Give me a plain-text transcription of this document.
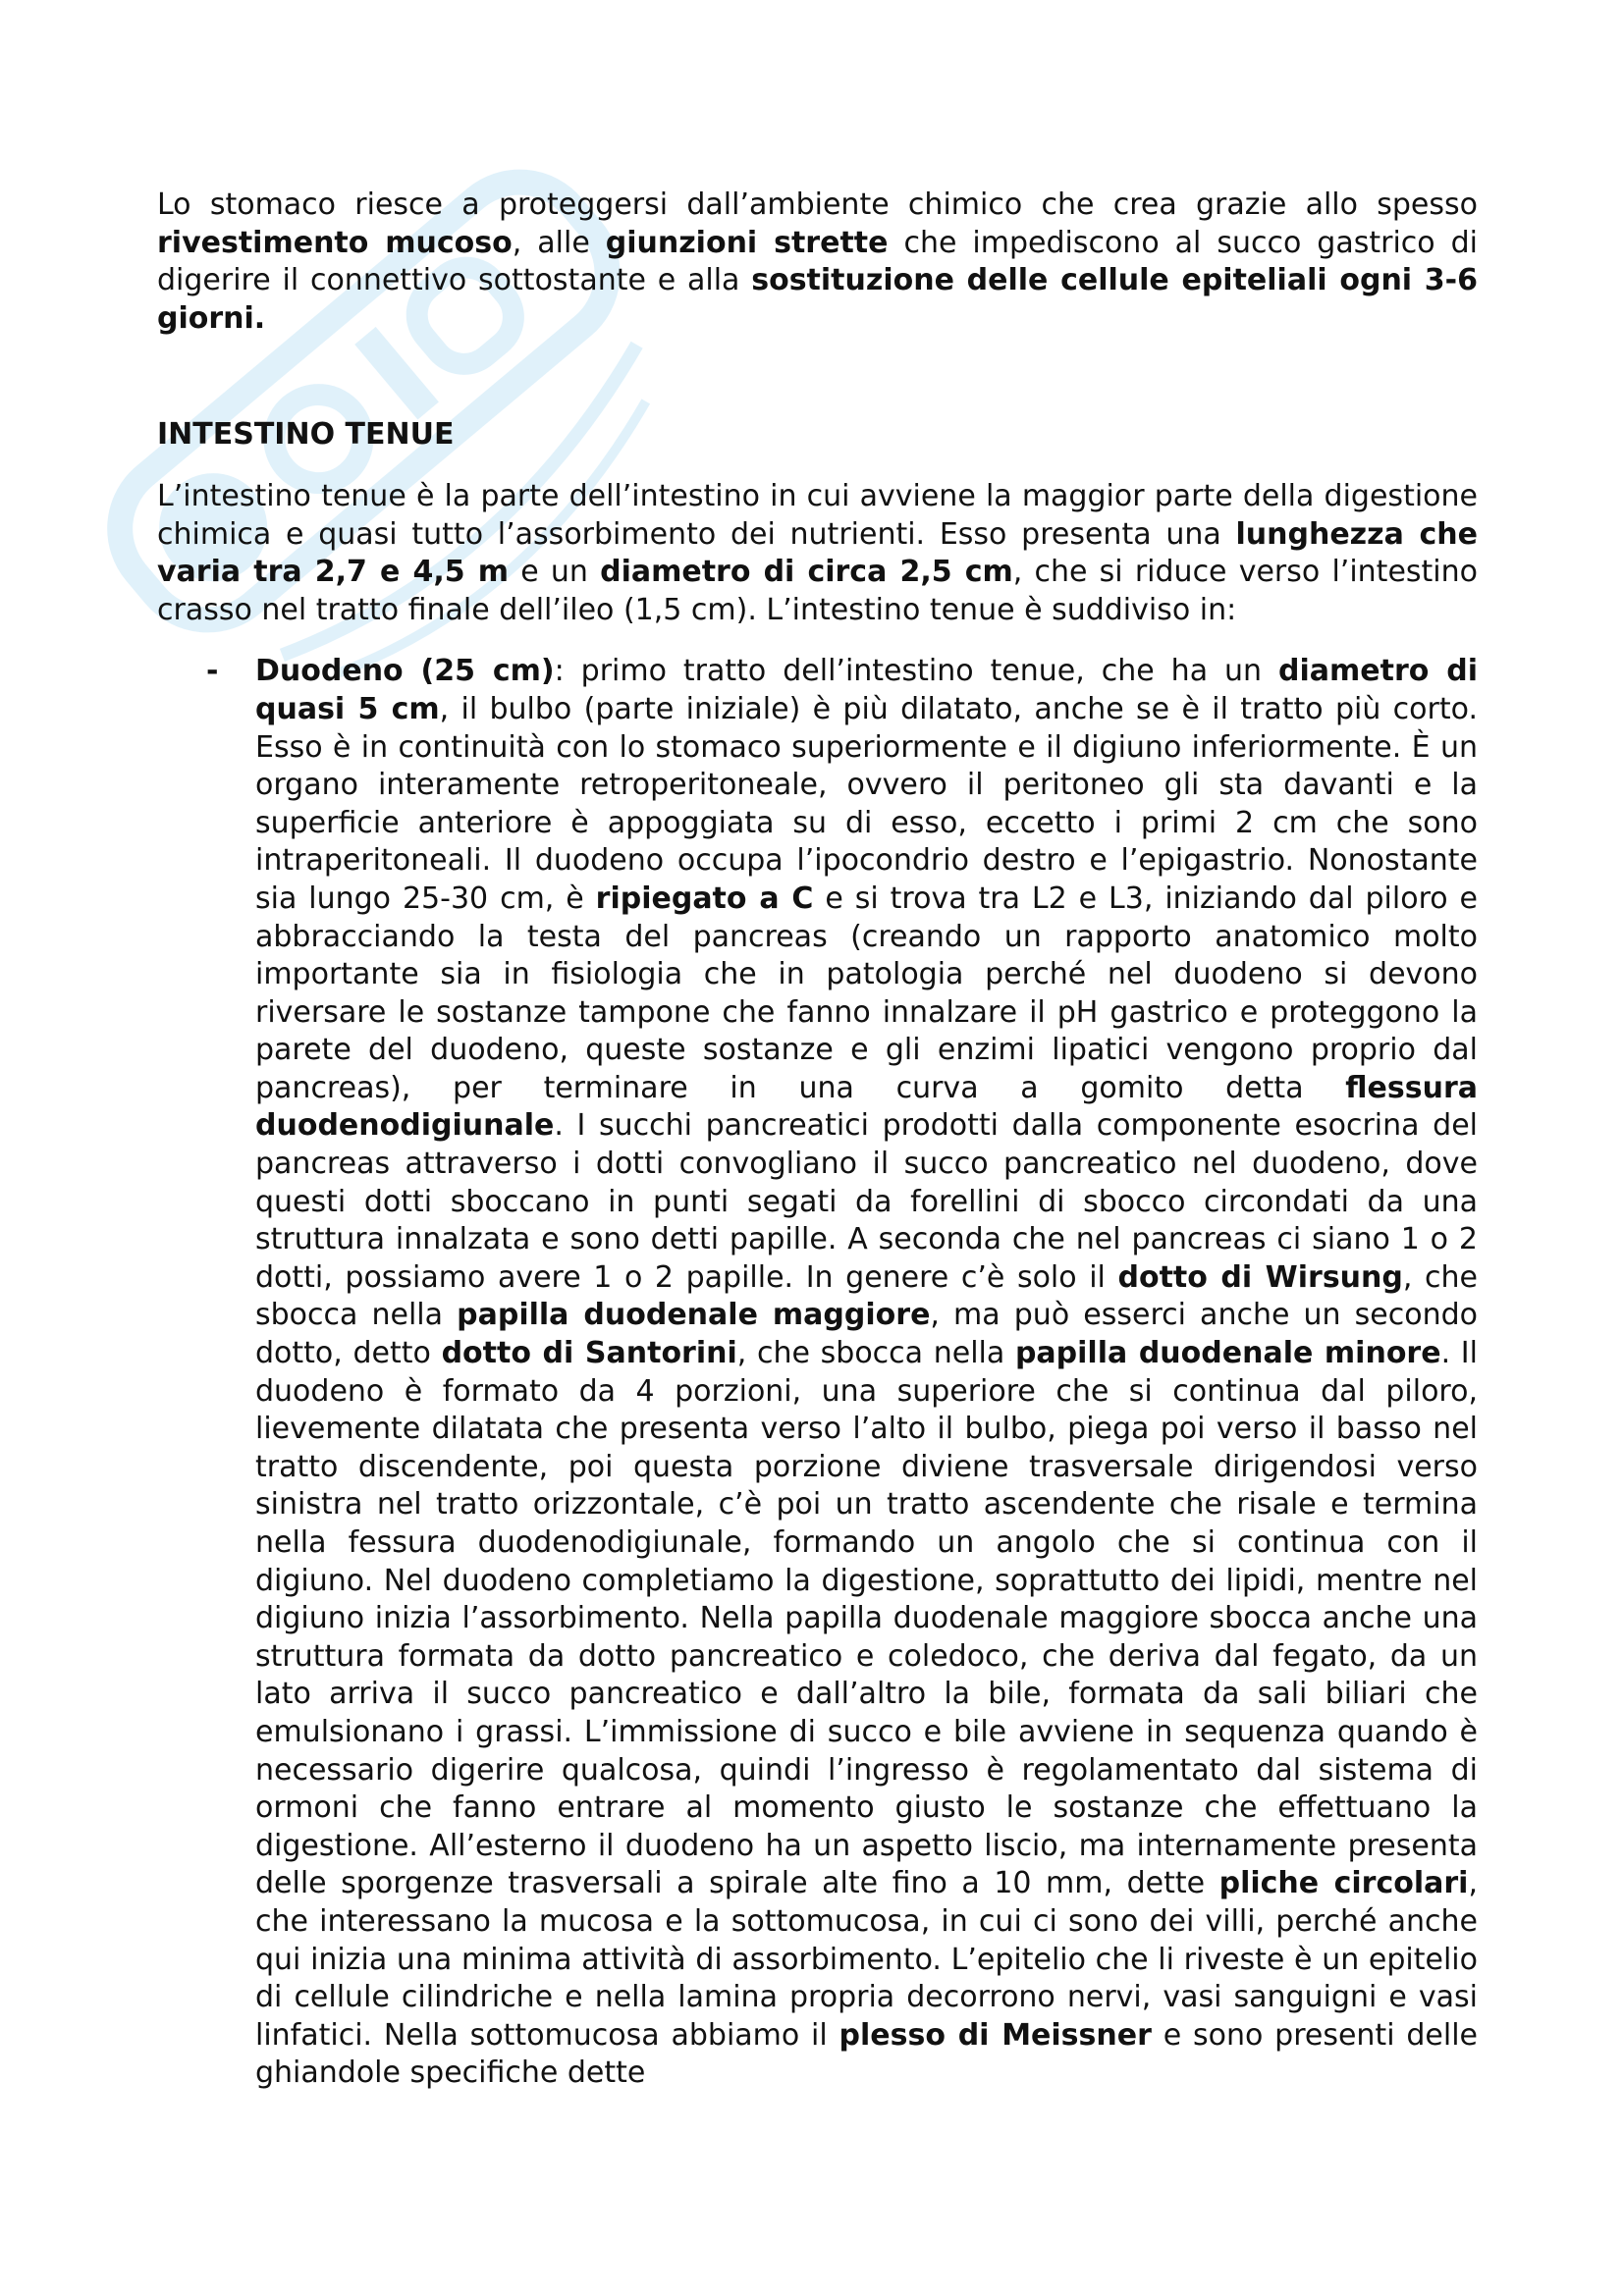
Lo stomaco riesce a proteggersi dall’ambiente chimico che crea grazie allo spesso rivestimento mucoso, alle giunzioni strette che impediscono al succo gastrico di digerire il connettivo sottostante e alla sostituzione delle cellule epiteliali ogni 3-6 giorni.

INTESTINO TENUE

L’intestino tenue è la parte dell’intestino in cui avviene la maggior parte della digestione chimica e quasi tutto l’assorbimento dei nutrienti. Esso presenta una lunghezza che varia tra 2,7 e 4,5 m e un diametro di circa 2,5 cm, che si riduce verso l’intestino crasso nel tratto finale dell’ileo (1,5 cm). L’intestino tenue è suddiviso in:

- Duodeno (25 cm): primo tratto dell’intestino tenue, che ha un diametro di quasi 5 cm, il bulbo (parte iniziale) è più dilatato, anche se è il tratto più corto. Esso è in continuità con lo stomaco superiormente e il digiuno inferiormente. È un organo interamente retroperitoneale, ovvero il peritoneo gli sta davanti e la superficie anteriore è appoggiata su di esso, eccetto i primi 2 cm che sono intraperitoneali. Il duodeno occupa l’ipocondrio destro e l’epigastrio. Nonostante sia lungo 25-30 cm, è ripiegato a C e si trova tra L2 e L3, iniziando dal piloro e abbracciando la testa del pancreas (creando un rapporto anatomico molto importante sia in fisiologia che in patologia perché nel duodeno si devono riversare le sostanze tampone che fanno innalzare il pH gastrico e proteggono la parete del duodeno, queste sostanze e gli enzimi lipatici vengono proprio dal pancreas), per terminare in una curva a gomito detta flessura duodenodigiunale. I succhi pancreatici prodotti dalla componente esocrina del pancreas attraverso i dotti convogliano il succo pancreatico nel duodeno, dove questi dotti sboccano in punti segati da forellini di sbocco circondati da una struttura innalzata e sono detti papille. A seconda che nel pancreas ci siano 1 o 2 dotti, possiamo avere 1 o 2 papille. In genere c’è solo il dotto di Wirsung, che sbocca nella papilla duodenale maggiore, ma può esserci anche un secondo dotto, detto dotto di Santorini, che sbocca nella papilla duodenale minore. Il duodeno è formato da 4 porzioni, una superiore che si continua dal piloro, lievemente dilatata che presenta verso l’alto il bulbo, piega poi verso il basso nel tratto discendente, poi questa porzione diviene trasversale dirigendosi verso sinistra nel tratto orizzontale, c’è poi un tratto ascendente che risale e termina nella fessura duodenodigiunale, formando un angolo che si continua con il digiuno. Nel duodeno completiamo la digestione, soprattutto dei lipidi, mentre nel digiuno inizia l’assorbimento. Nella papilla duodenale maggiore sbocca anche una struttura formata da dotto pancreatico e coledoco, che deriva dal fegato, da un lato arriva il succo pancreatico e dall’altro la bile, formata da sali biliari che emulsionano i grassi. L’immissione di succo e bile avviene in sequenza quando è necessario digerire qualcosa, quindi l’ingresso è regolamentato dal sistema di ormoni che fanno entrare al momento giusto le sostanze che effettuano la digestione. All’esterno il duodeno ha un aspetto liscio, ma internamente presenta delle sporgenze trasversali a spirale alte fino a 10 mm, dette pliche circolari, che interessano la mucosa e la sottomucosa, in cui ci sono dei villi, perché anche qui inizia una minima attività di assorbimento. L’epitelio che li riveste è un epitelio di cellule cilindriche e nella lamina propria decorrono nervi, vasi sanguigni e vasi linfatici. Nella sottomucosa abbiamo il plesso di Meissner e sono presenti delle ghiandole specifiche dette
